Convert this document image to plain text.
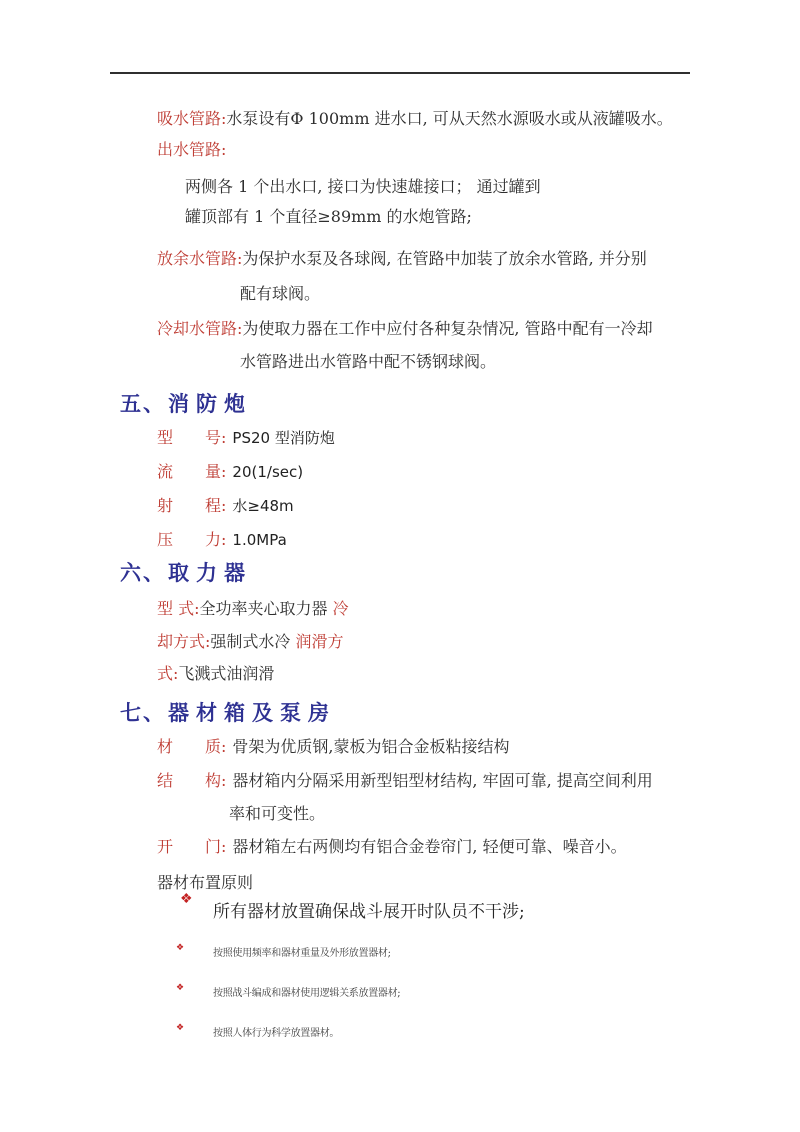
吸水管路:水泵设有Φ 100mm 进水口, 可从天然水源吸水或从液罐吸水。
出水管路:
两侧各 1 个出水口, 接口为快速雄接口； 通过罐到
罐顶部有 1 个直径≥89mm 的水炮管路;
放余水管路:为保护水泵及各球阀, 在管路中加装了放余水管路, 并分别
配有球阀。
冷却水管路:为使取力器在工作中应付各种复杂情况, 管路中配有一冷却
水管路进出水管路中配不锈钢球阀。
五、消防炮
型　　号: PS20 型消防炮
流　　量: 20(1/sec)
射　　程: 水≥48m
压　　力: 1.0MPa
六、取力器
型 式:全功率夹心取力器 冷
却方式:强制式水冷 润滑方
式:飞溅式油润滑
七、器材箱及泵房
材　　质: 骨架为优质钢,蒙板为铝合金板粘接结构
结　　构: 器材箱内分隔采用新型铝型材结构, 牢固可靠, 提高空间利用
率和可变性。
开　　门: 器材箱左右两侧均有铝合金卷帘门, 轻便可靠、噪音小。
器材布置原则
❖
所有器材放置确保战斗展开时队员不干涉;
❖	按照使用频率和器材重量及外形放置器材;
❖	按照战斗编成和器材使用逻辑关系放置器材;
❖	按照人体行为科学放置器材。
